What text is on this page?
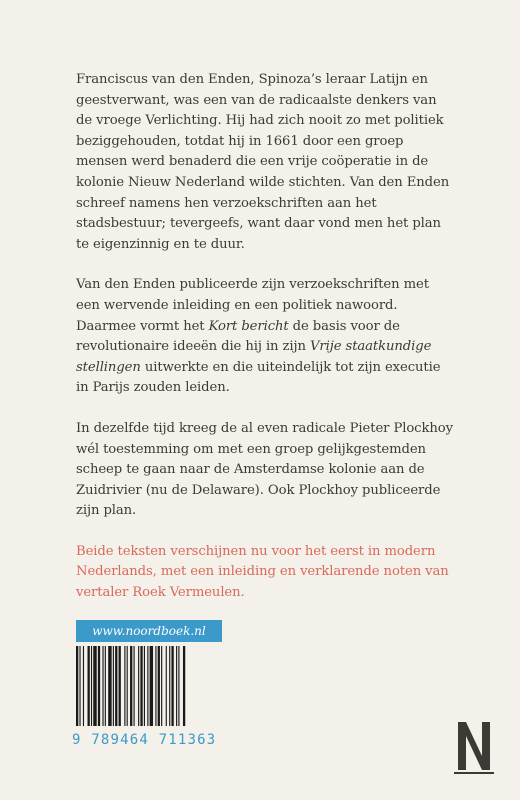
Franciscus van den Enden, Spinoza’s leraar Latijn en geestverwant, was een van de radicaalste denkers van de vroege Verlichting. Hij had zich nooit zo met politiek beziggehouden, totdat hij in 1661 door een groep mensen werd benaderd die een vrije coöperatie in de kolonie Nieuw Nederland wilde stichten. Van den Enden schreef namens hen verzoekschriften aan het stadsbestuur; tevergeefs, want daar vond men het plan te eigenzinnig en te duur.

Van den Enden publiceerde zijn verzoekschriften met een wervende inleiding en een politiek nawoord. Daarmee vormt het Kort bericht de basis voor de revolutionaire ideeën die hij in zijn Vrije staatkundige stellingen uitwerkte en die uiteindelijk tot zijn executie in Parijs zouden leiden.

In dezelfde tijd kreeg de al even radicale Pieter Plockhoy wél toestemming om met een groep gelijkgestemden scheep te gaan naar de Amsterdamse kolonie aan de Zuidrivier (nu de Delaware). Ook Plockhoy publiceerde zijn plan.

Beide teksten verschijnen nu voor het eerst in modern Nederlands, met een inleiding en verklarende noten van vertaler Roek Vermeulen.

www.noordboek.nl
9 789464 711363
